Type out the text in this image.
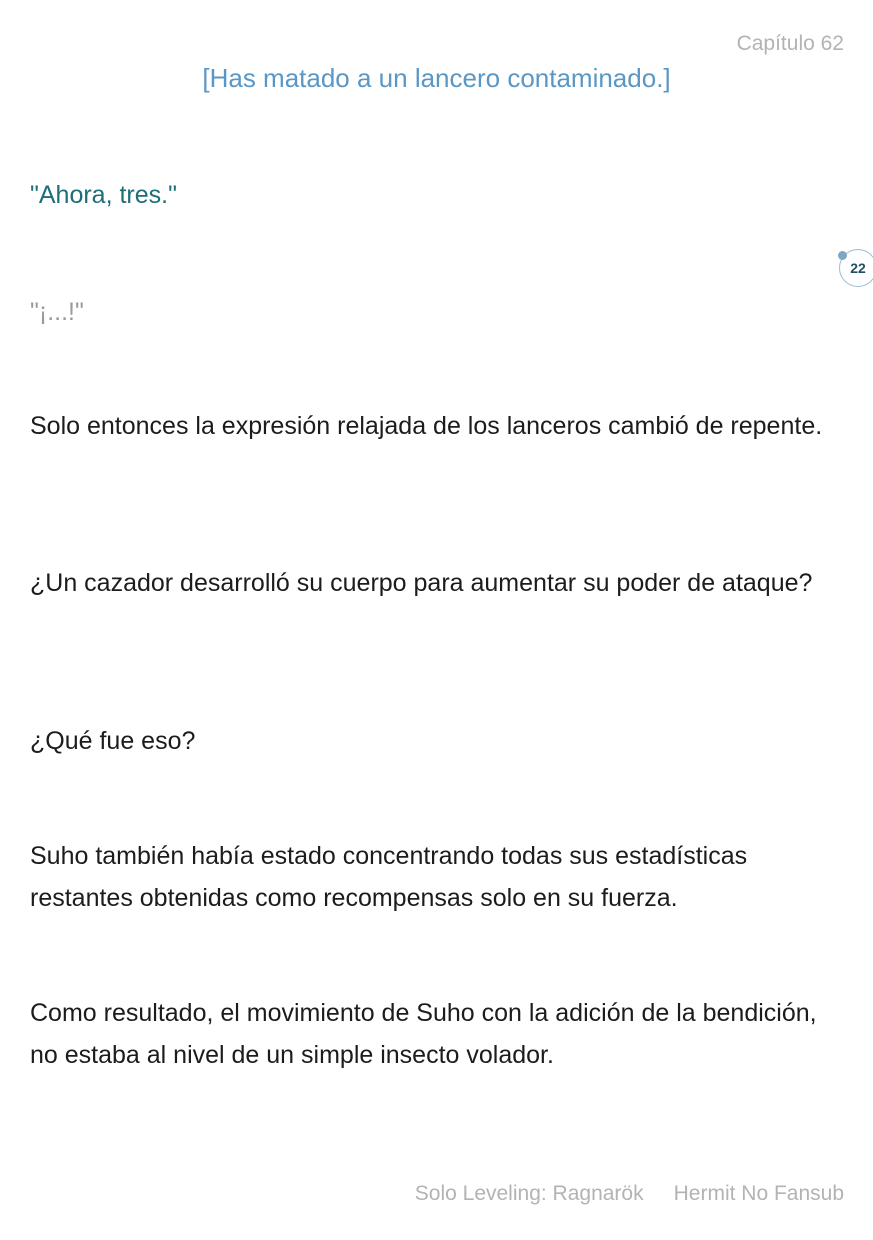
Capítulo 62
[Has matado a un lancero contaminado.]
"Ahora, tres."
22
"¡...!"
Solo entonces la expresión relajada de los lanceros cambió de repente.
¿Un cazador desarrolló su cuerpo para aumentar su poder de ataque?
¿Qué fue eso?
Suho también había estado concentrando todas sus estadísticas restantes obtenidas como recompensas solo en su fuerza.
Como resultado, el movimiento de Suho con la adición de la bendición, no estaba al nivel de un simple insecto volador.
Solo Leveling: Ragnarök Hermit No Fansub
